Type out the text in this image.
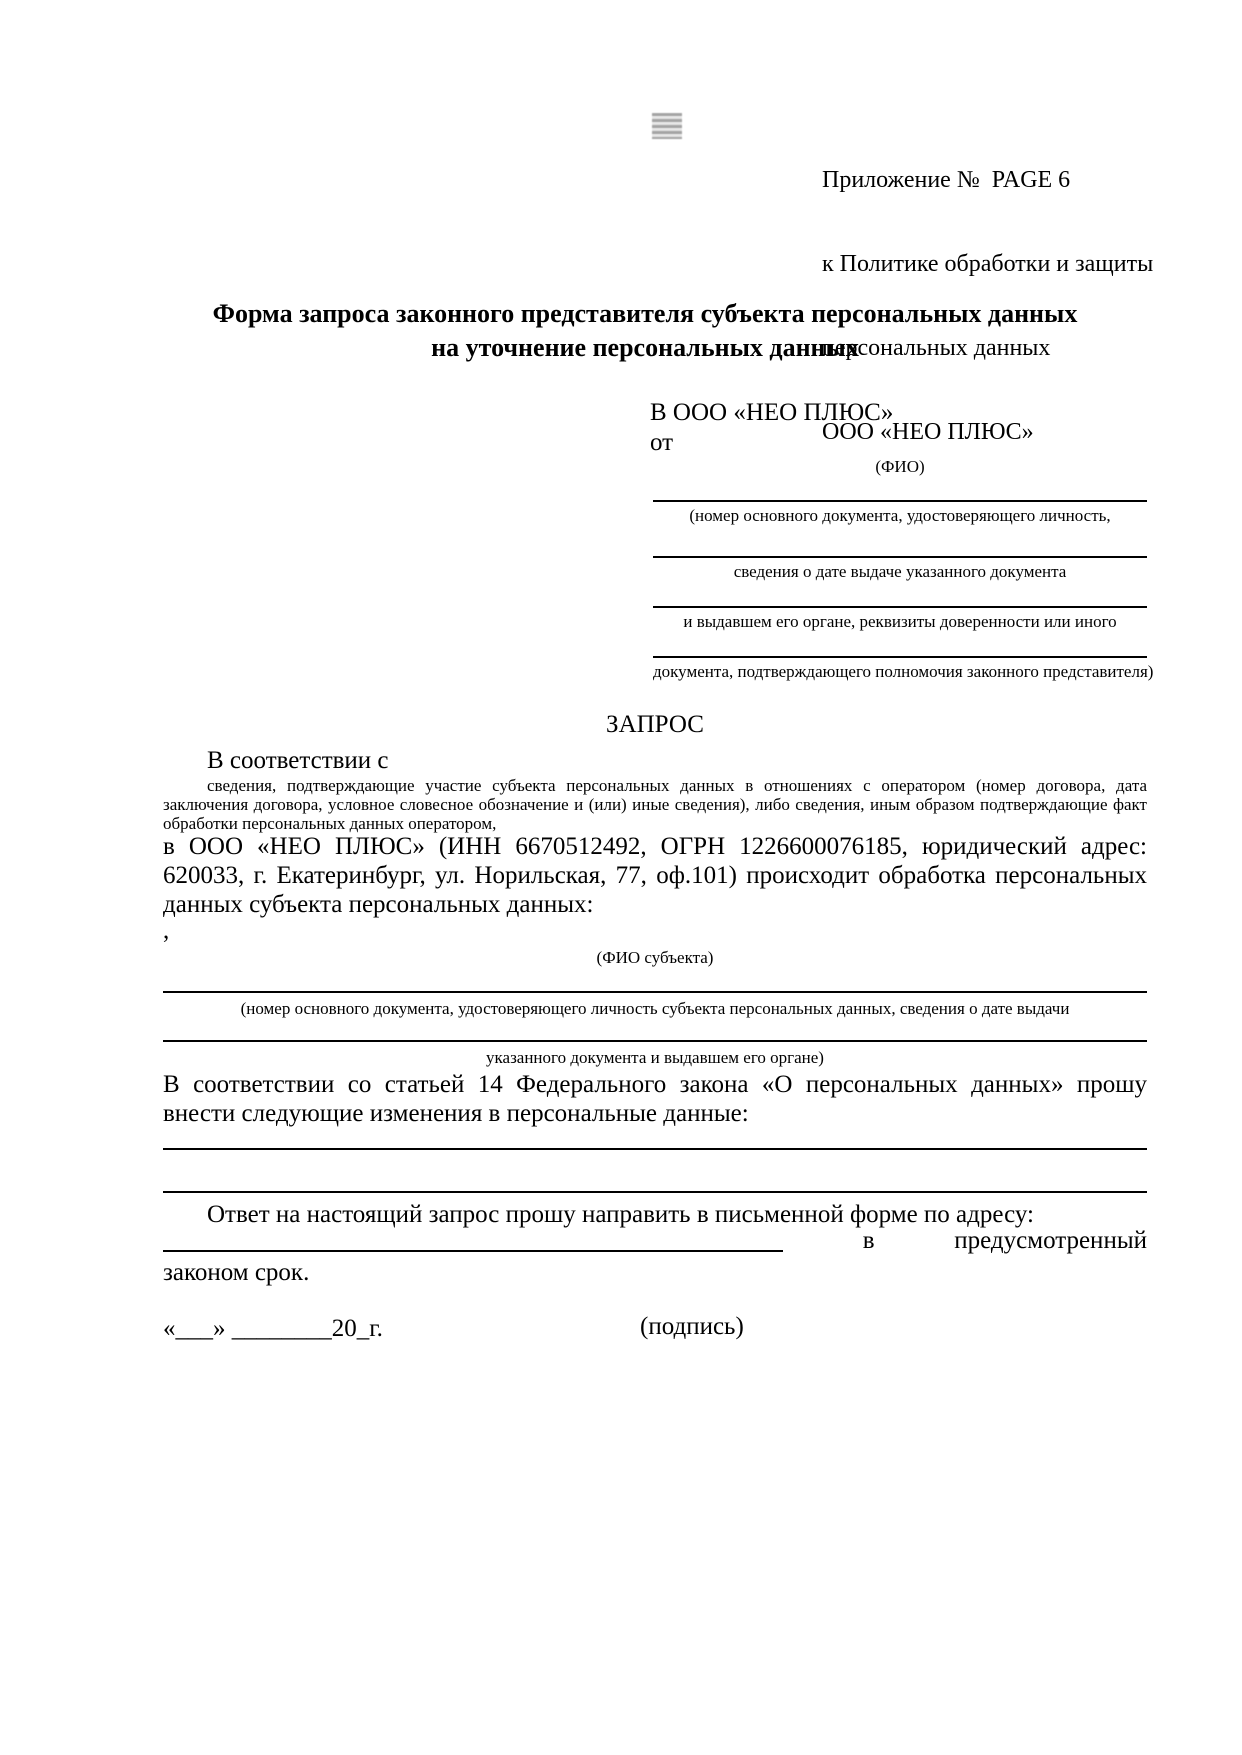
Приложение №  PAGE 6

к Политике обработки и защиты

персональных данных

ООО «НЕО ПЛЮС»

Форма запроса законного представителя субъекта персональных данных
на уточнение персональных данных
В ООО «НЕО ПЛЮС»
от
(ФИО)
(номер основного документа, удостоверяющего личность,
сведения о дате выдаче указанного документа
и выдавшем его органе, реквизиты доверенности или иного
документа, подтверждающего полномочия законного представителя)
ЗАПРОС
В соответствии с
сведения, подтверждающие участие субъекта персональных данных в отношениях с оператором (номер договора, дата заключения договора, условное словесное обозначение и (или) иные сведения), либо сведения, иным образом подтверждающие факт обработки персональных данных оператором,
в ООО «НЕО ПЛЮС» (ИНН 6670512492, ОГРН 1226600076185, юридический адрес: 620033, г. Екатеринбург, ул. Норильская, 77, оф.101) происходит обработка персональных данных субъекта персональных данных:
,
(ФИО субъекта)
(номер основного документа, удостоверяющего личность субъекта персональных данных, сведения о дате выдачи
указанного документа и выдавшем его органе)
В соответствии со статьей 14 Федерального закона «О персональных данных» прошу внести следующие изменения в персональные данные:
Ответ на настоящий запрос прошу направить в письменной форме по адресу:
в	предусмотренный
законом срок.
«___» ________20_г.	(подпись)
